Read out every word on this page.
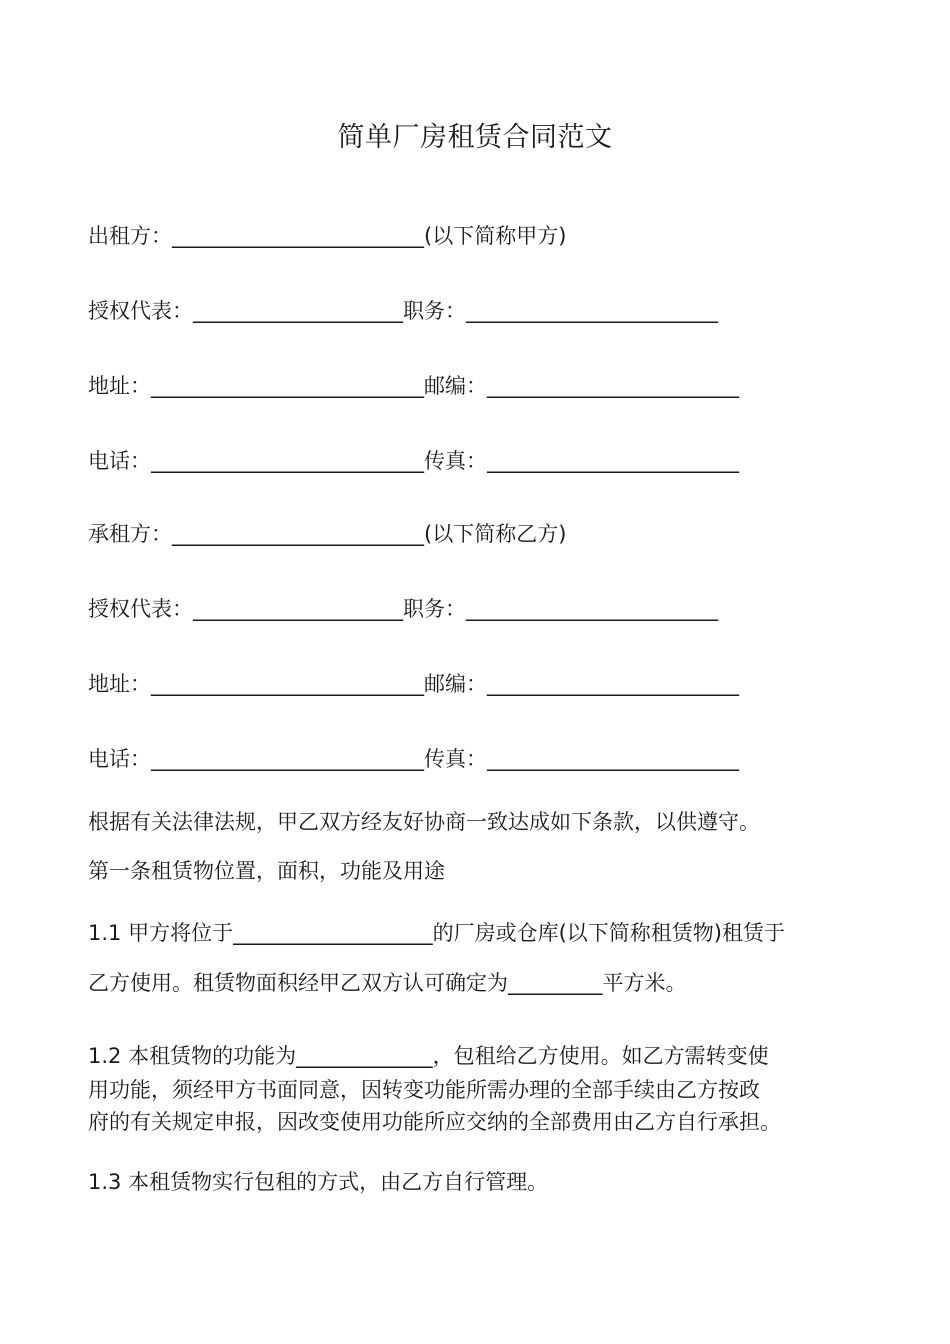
简单厂房租赁合同范文
出租方：________________________(以下简称甲方)
授权代表：____________________职务：________________________
地址：__________________________邮编：________________________
电话：__________________________传真：________________________
承租方：________________________(以下简称乙方)
授权代表：____________________职务：________________________
地址：__________________________邮编：________________________
电话：__________________________传真：________________________
根据有关法律法规，甲乙双方经友好协商一致达成如下条款，以供遵守。
第一条租赁物位置，面积，功能及用途
1.1 甲方将位于___________________的厂房或仓库(以下简称租赁物)租赁于
乙方使用。租赁物面积经甲乙双方认可确定为_________平方米。
1.2 本租赁物的功能为_____________，包租给乙方使用。如乙方需转变使
用功能，须经甲方书面同意，因转变功能所需办理的全部手续由乙方按政
府的有关规定申报，因改变使用功能所应交纳的全部费用由乙方自行承担。
1.3 本租赁物实行包租的方式，由乙方自行管理。
